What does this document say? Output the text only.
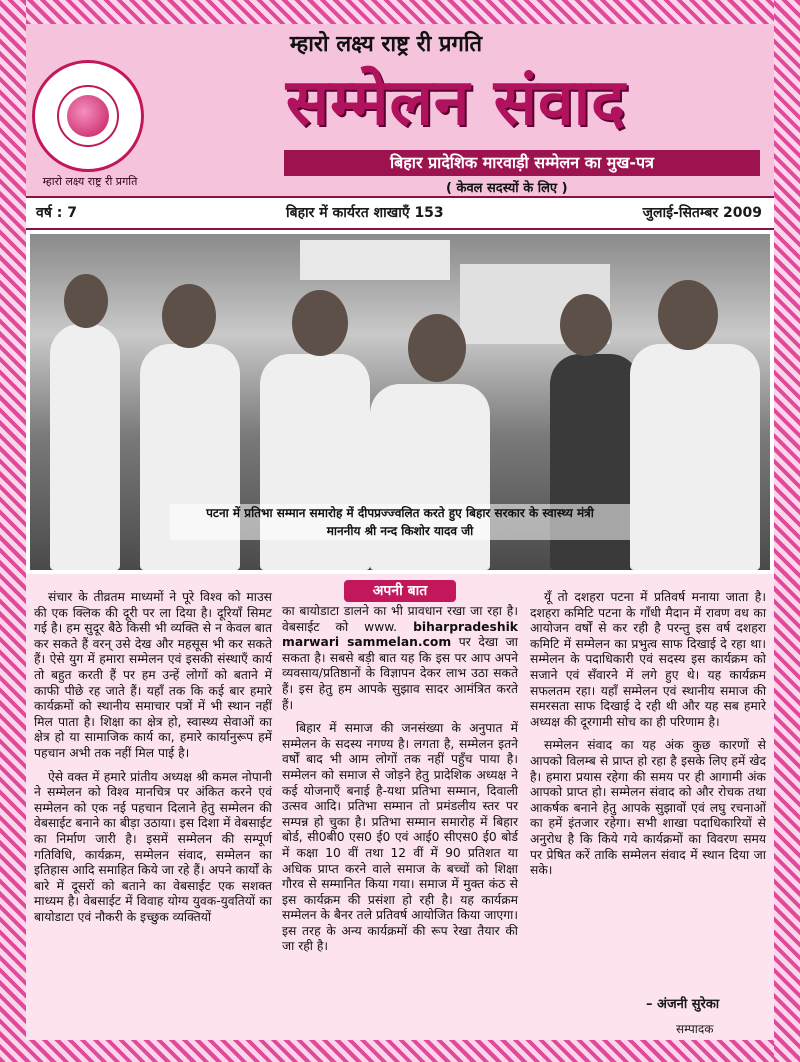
म्हारो लक्ष्य राष्ट्र री प्रगति
म्हारो लक्ष्य राष्ट्र री प्रगति
सम्मेलन संवाद
बिहार प्रादेशिक मारवाड़ी सम्मेलन का मुख-पत्र
( केवल सदस्यों के लिए )
वर्ष : 7	बिहार में कार्यरत शाखाएँ 153	जुलाई-सितम्बर 2009
पटना में प्रतिभा सम्मान समारोह में दीपप्रज्ज्वलित करते हुए बिहार सरकार के स्वास्थ्य मंत्री
माननीय श्री नन्द किशोर यादव जी
अपनी बात

संचार के तीव्रतम माध्यमों ने पूरे विश्व को माउस की एक क्लिक की दूरी पर ला दिया है। दूरियाँ सिमट गई है। हम सुदूर बैठे किसी भी व्यक्ति से न केवल बात कर सकते हैं वरन् उसे देख और महसूस भी कर सकते हैं। ऐसे युग में हमारा सम्मेलन एवं इसकी संस्थाएँ कार्य तो बहुत करती हैं पर हम उन्हें लोगों को बताने में काफी पीछे रह जाते हैं। यहाँ तक कि कई बार हमारे कार्यक्रमों को स्थानीय समाचार पत्रों में भी स्थान नहीं मिल पाता है। शिक्षा का क्षेत्र हो, स्वास्थ्य सेवाओं का क्षेत्र हो या सामाजिक कार्य का, हमारे कार्यानुरूप हमें पहचान अभी तक नहीं मिल पाई है।

ऐसे वक्त में हमारे प्रांतीय अध्यक्ष श्री कमल नोपानी ने सम्मेलन को विश्व मानचित्र पर अंकित करने एवं सम्मेलन को एक नई पहचान दिलाने हेतु सम्मेलन की वेबसाईट बनाने का बीड़ा उठाया। इस दिशा में वेबसाईट का निर्माण जारी है। इसमें सम्मेलन की सम्पूर्ण गतिविधि, कार्यक्रम, सम्मेलन संवाद, सम्मेलन का इतिहास आदि समाहित किये जा रहे हैं। अपने कार्यों के बारे में दूसरों को बताने का वेबसाईट एक सशक्त माध्यम है। वेबसाईट में विवाह योग्य युवक-युवतियों का बायोडाटा एवं नौकरी के इच्छुक व्यक्तियों

का बायोडाटा डालने का भी प्रावधान रखा जा रहा है। वेबसाईट को www. biharpradeshik marwari sammelan.com पर देखा जा सकता है। सबसे बड़ी बात यह कि इस पर आप अपने व्यवसाय/प्रतिष्ठानों के विज्ञापन देकर लाभ उठा सकते हैं। इस हेतु हम आपके सुझाव सादर आमंत्रित करते हैं।

बिहार में समाज की जनसंख्या के अनुपात में सम्मेलन के सदस्य नगण्य है। लगता है, सम्मेलन इतने वर्षों बाद भी आम लोगों तक नहीं पहुँच पाया है। सम्मेलन को समाज से जोड़ने हेतु प्रादेशिक अध्यक्ष ने कई योजनाएँ बनाई है-यथा प्रतिभा सम्मान, दिवाली उत्सव आदि। प्रतिभा सम्मान तो प्रमंडलीय स्तर पर सम्पन्न हो चुका है। प्रतिभा सम्मान समारोह में बिहार बोर्ड, सी0बी0 एस0 ई0 एवं आई0 सीएस0 ई0 बोर्ड में कक्षा 10 वीं तथा 12 वीं में 90 प्रतिशत या अधिक प्राप्त करने वाले समाज के बच्चों को शिक्षा गौरव से सम्मानित किया गया। समाज में मुक्त कंठ से इस कार्यक्रम की प्रसंशा हो रही है। यह कार्यक्रम सम्मेलन के बैनर तले प्रतिवर्ष आयोजित किया जाएगा। इस तरह के अन्य कार्यक्रमों की रूप रेखा तैयार की जा रही है।

यूँ तो दशहरा पटना में प्रतिवर्ष मनाया जाता है। दशहरा कमिटि पटना के गाँधी मैदान में रावण वध का आयोजन वर्षों से कर रही है परन्तु इस वर्ष दशहरा कमिटि में सम्मेलन का प्रभुत्व साफ दिखाई दे रहा था। सम्मेलन के पदाधिकारी एवं सदस्य इस कार्यक्रम को सजाने एवं सँवारने में लगे हुए थे। यह कार्यक्रम सफलतम रहा। यहाँ सम्मेलन एवं स्थानीय समाज की समरसता साफ दिखाई दे रही थी और यह सब हमारे अध्यक्ष की दूरगामी सोच का ही परिणाम है।

सम्मेलन संवाद का यह अंक कुछ कारणों से आपको विलम्ब से प्राप्त हो रहा है इसके लिए हमें खेद है। हमारा प्रयास रहेगा की समय पर ही आगामी अंक आपको प्राप्त हो। सम्मेलन संवाद को और रोचक तथा आकर्षक बनाने हेतु आपके सुझावों एवं लघु रचनाओं का हमें इंतजार रहेगा। सभी शाखा पदाधिकारियों से अनुरोध है कि किये गये कार्यक्रमों का विवरण समय पर प्रेषित करें ताकि सम्मेलन संवाद में स्थान दिया जा सके।

– अंजनी सुरेका
सम्पादक
